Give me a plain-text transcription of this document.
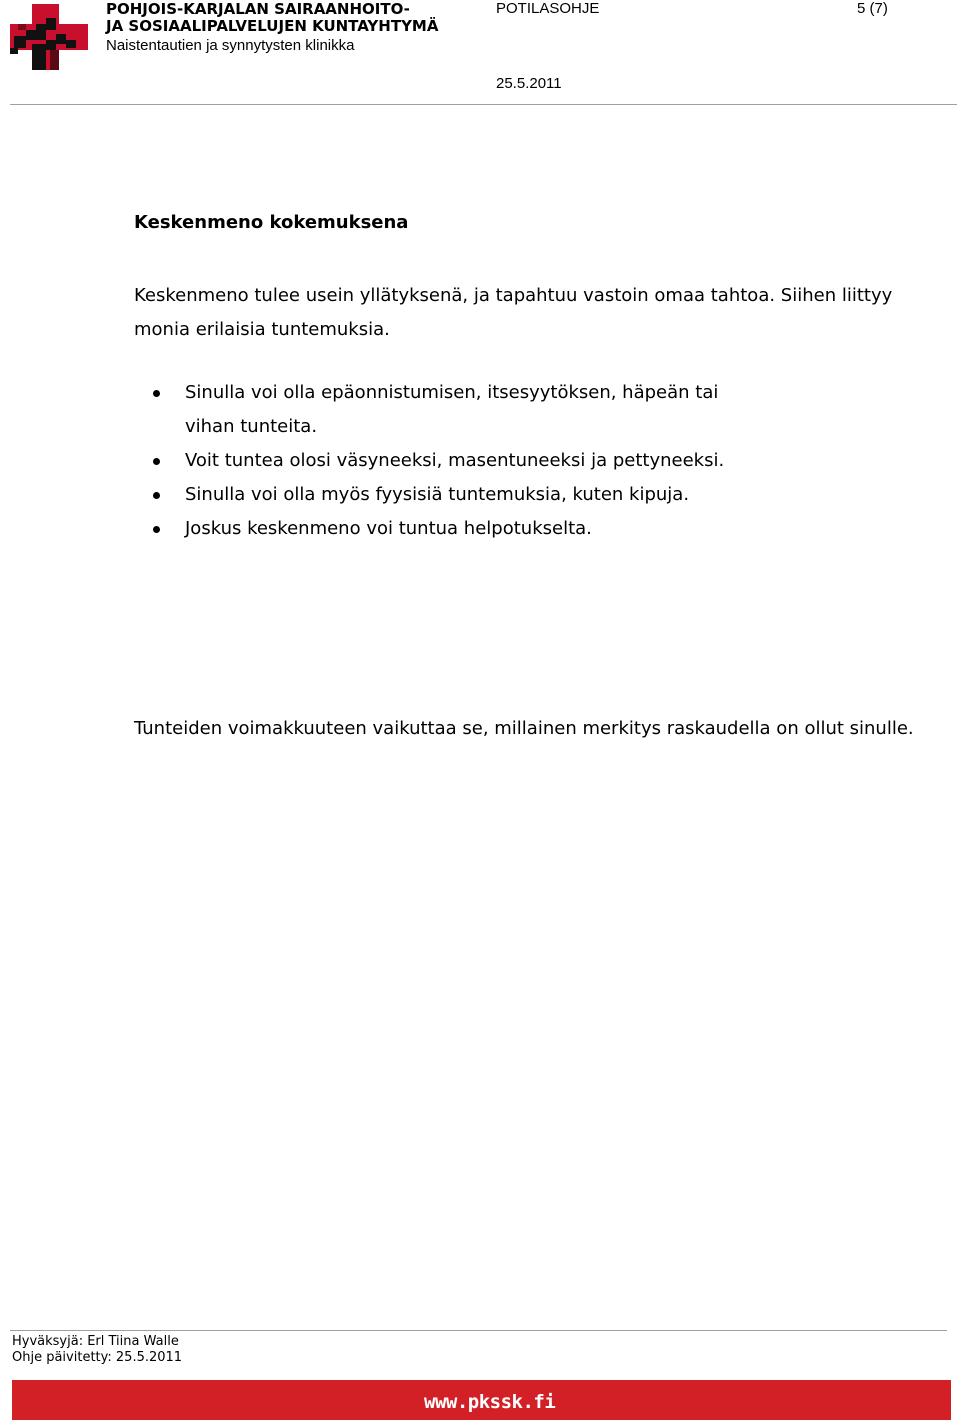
POHJOIS-KARJALAN SAIRAANHOITO-
JA SOSIAALIPALVELUJEN KUNTAYHTYMÄ
Naistentautien ja synnytysten klinikka
POTILASOHJE	5 (7)
25.5.2011
Keskenmeno kokemuksena
Keskenmeno tulee usein yllätyksenä, ja tapahtuu vastoin omaa tahtoa. Siihen liittyy monia erilaisia tuntemuksia.
Sinulla voi olla epäonnistumisen, itsesyytöksen, häpeän tai vihan tunteita.
Voit tuntea olosi väsyneeksi, masentuneeksi ja pettyneeksi.
Sinulla voi olla myös fyysisiä tuntemuksia, kuten kipuja.
Joskus keskenmeno voi tuntua helpotukselta.
Tunteiden voimakkuuteen vaikuttaa se, millainen merkitys raskaudella on ollut sinulle.
Hyväksyjä: Erl Tiina Walle
Ohje päivitetty: 25.5.2011
www.pkssk.fi
